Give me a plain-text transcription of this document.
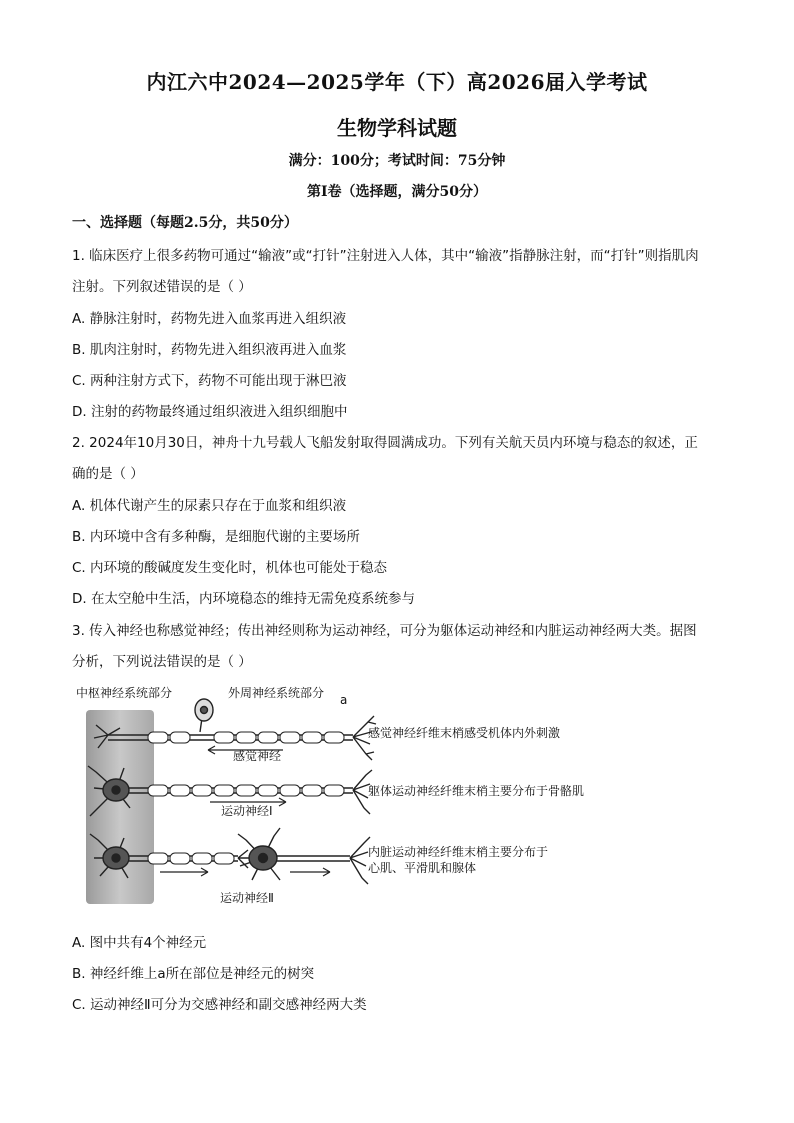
内江六中2024—2025学年（下）高2026届入学考试
生物学科试题
满分：100分；考试时间：75分钟
第Ⅰ卷（选择题，满分50分）
一、选择题（每题2.5分，共50分）
1. 临床医疗上很多药物可通过“输液”或“打针”注射进入人体，其中“输液”指静脉注射，而“打针”则指肌肉
注射。下列叙述错误的是（ ）
A. 静脉注射时，药物先进入血浆再进入组织液
B. 肌肉注射时，药物先进入组织液再进入血浆
C. 两种注射方式下，药物不可能出现于淋巴液
D. 注射的药物最终通过组织液进入组织细胞中
2. 2024年10月30日，神舟十九号载人飞船发射取得圆满成功。下列有关航天员内环境与稳态的叙述，正
确的是（ ）
A. 机体代谢产生的尿素只存在于血浆和组织液
B. 内环境中含有多种酶，是细胞代谢的主要场所
C. 内环境的酸碱度发生变化时，机体也可能处于稳态
D. 在太空舱中生活，内环境稳态的维持无需免疫系统参与
3. 传入神经也称感觉神经；传出神经则称为运动神经，可分为躯体运动神经和内脏运动神经两大类。据图
分析，下列说法错误的是（ ）
中枢神经系统部分	外周神经系统部分 a
感觉神经
感觉神经纤维末梢感受机体内外刺激
运动神经Ⅰ
躯体运动神经纤维末梢主要分布于骨骼肌
运动神经Ⅱ
内脏运动神经纤维末梢主要分布于
心肌、平滑肌和腺体
A. 图中共有4个神经元
B. 神经纤维上a所在部位是神经元的树突
C. 运动神经Ⅱ可分为交感神经和副交感神经两大类
